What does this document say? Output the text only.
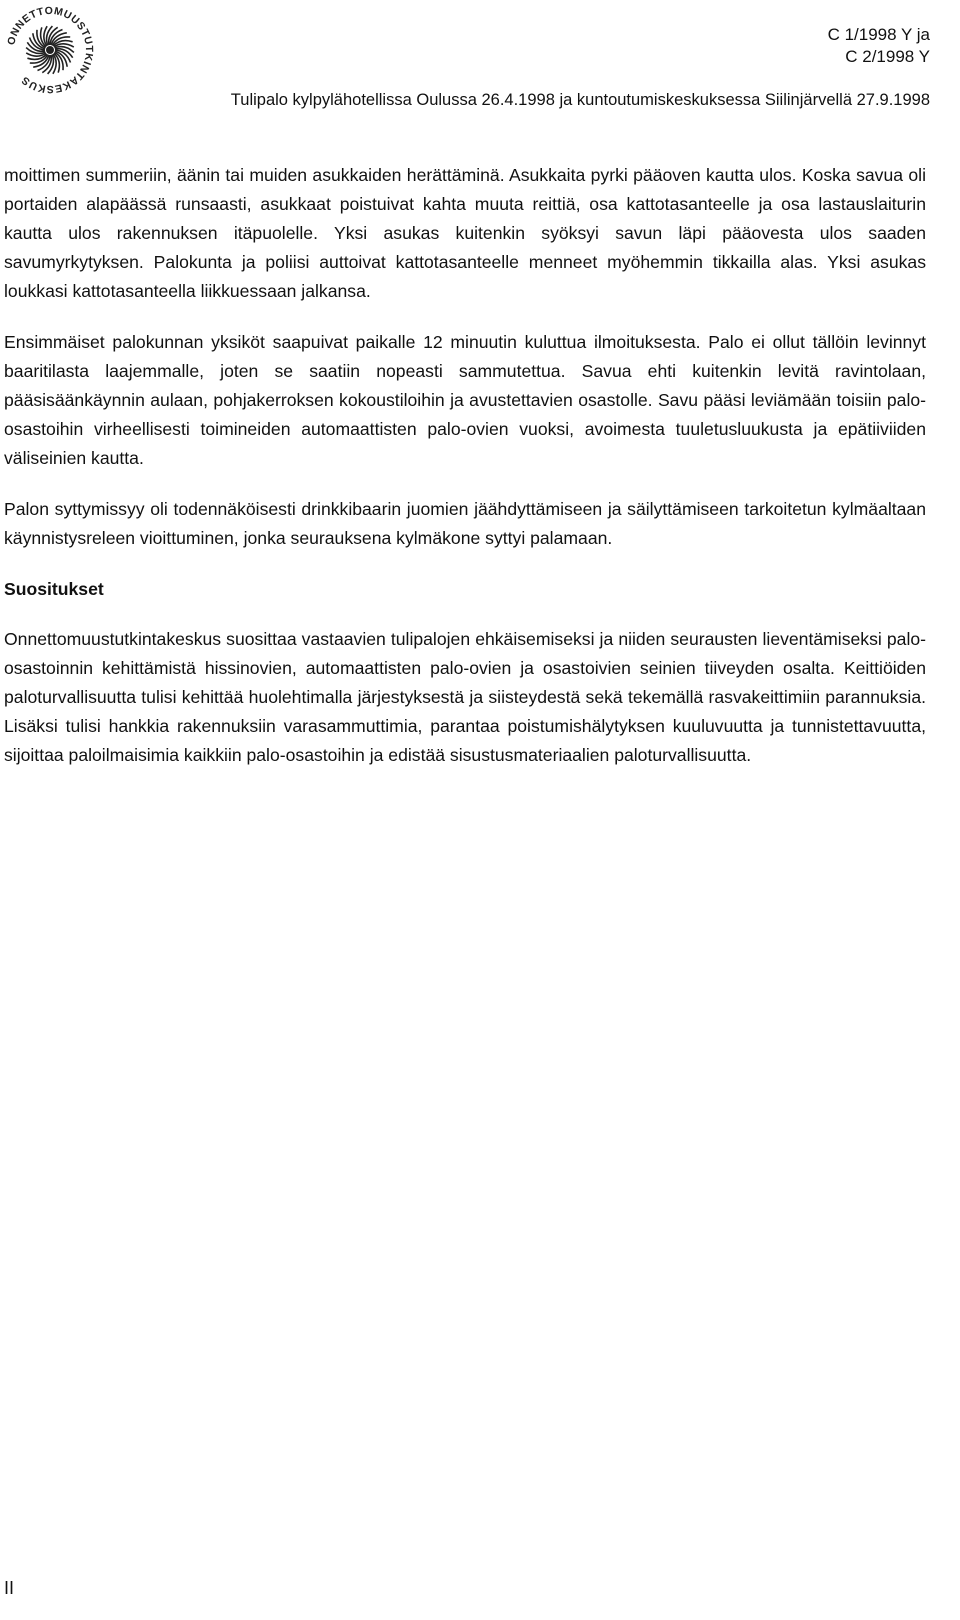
ONNETTOMUUSTUTKINTAKESKUS
C 1/1998 Y ja
C 2/1998 Y
Tulipalo kylpylähotellissa Oulussa 26.4.1998 ja kuntoutumiskeskuksessa Siilinjärvellä 27.9.1998

moittimen summeriin, äänin tai muiden asukkaiden herättäminä. Asukkaita pyrki pääoven kautta ulos. Koska savua oli portaiden alapäässä runsaasti, asukkaat poistuivat kahta muuta reittiä, osa kattotasanteelle ja osa lastauslaiturin kautta ulos rakennuksen itäpuolelle. Yksi asukas kuitenkin syöksyi savun läpi pääovesta ulos saaden savumyrkytyksen. Palokunta ja poliisi auttoivat kattotasanteelle menneet myöhemmin tikkailla alas. Yksi asukas loukkasi kattotasanteella liikkuessaan jalkansa.

Ensimmäiset palokunnan yksiköt saapuivat paikalle 12 minuutin kuluttua ilmoituksesta. Palo ei ollut tällöin levinnyt baaritilasta laajemmalle, joten se saatiin nopeasti sammutettua. Savua ehti kuitenkin levitä ravintolaan, pääsisäänkäynnin aulaan, pohjakerroksen kokoustiloihin ja avustettavien osastolle. Savu pääsi leviämään toisiin palo-osastoihin virheellisesti toimineiden automaattisten palo-ovien vuoksi, avoimesta tuuletusluukusta ja epätiiviiden väliseinien kautta.

Palon syttymissyy oli todennäköisesti drinkkibaarin juomien jäähdyttämiseen ja säilyttämiseen tarkoitetun kylmäaltaan käynnistysreleen vioittuminen, jonka seurauksena kylmäkone syttyi palamaan.

Suositukset

Onnettomuustutkintakeskus suosittaa vastaavien tulipalojen ehkäisemiseksi ja niiden seurausten lieventämiseksi palo-osastoinnin kehittämistä hissinovien, automaattisten palo-ovien ja osastoivien seinien tiiveyden osalta. Keittiöiden paloturvallisuutta tulisi kehittää huolehtimalla järjestyksestä ja siisteydestä sekä tekemällä rasvakeittimiin parannuksia. Lisäksi tulisi hankkia rakennuksiin varasammuttimia, parantaa poistumishälytyksen kuuluvuutta ja tunnistettavuutta, sijoittaa paloilmaisimia kaikkiin palo-osastoihin ja edistää sisustusmateriaalien paloturvallisuutta.

II
